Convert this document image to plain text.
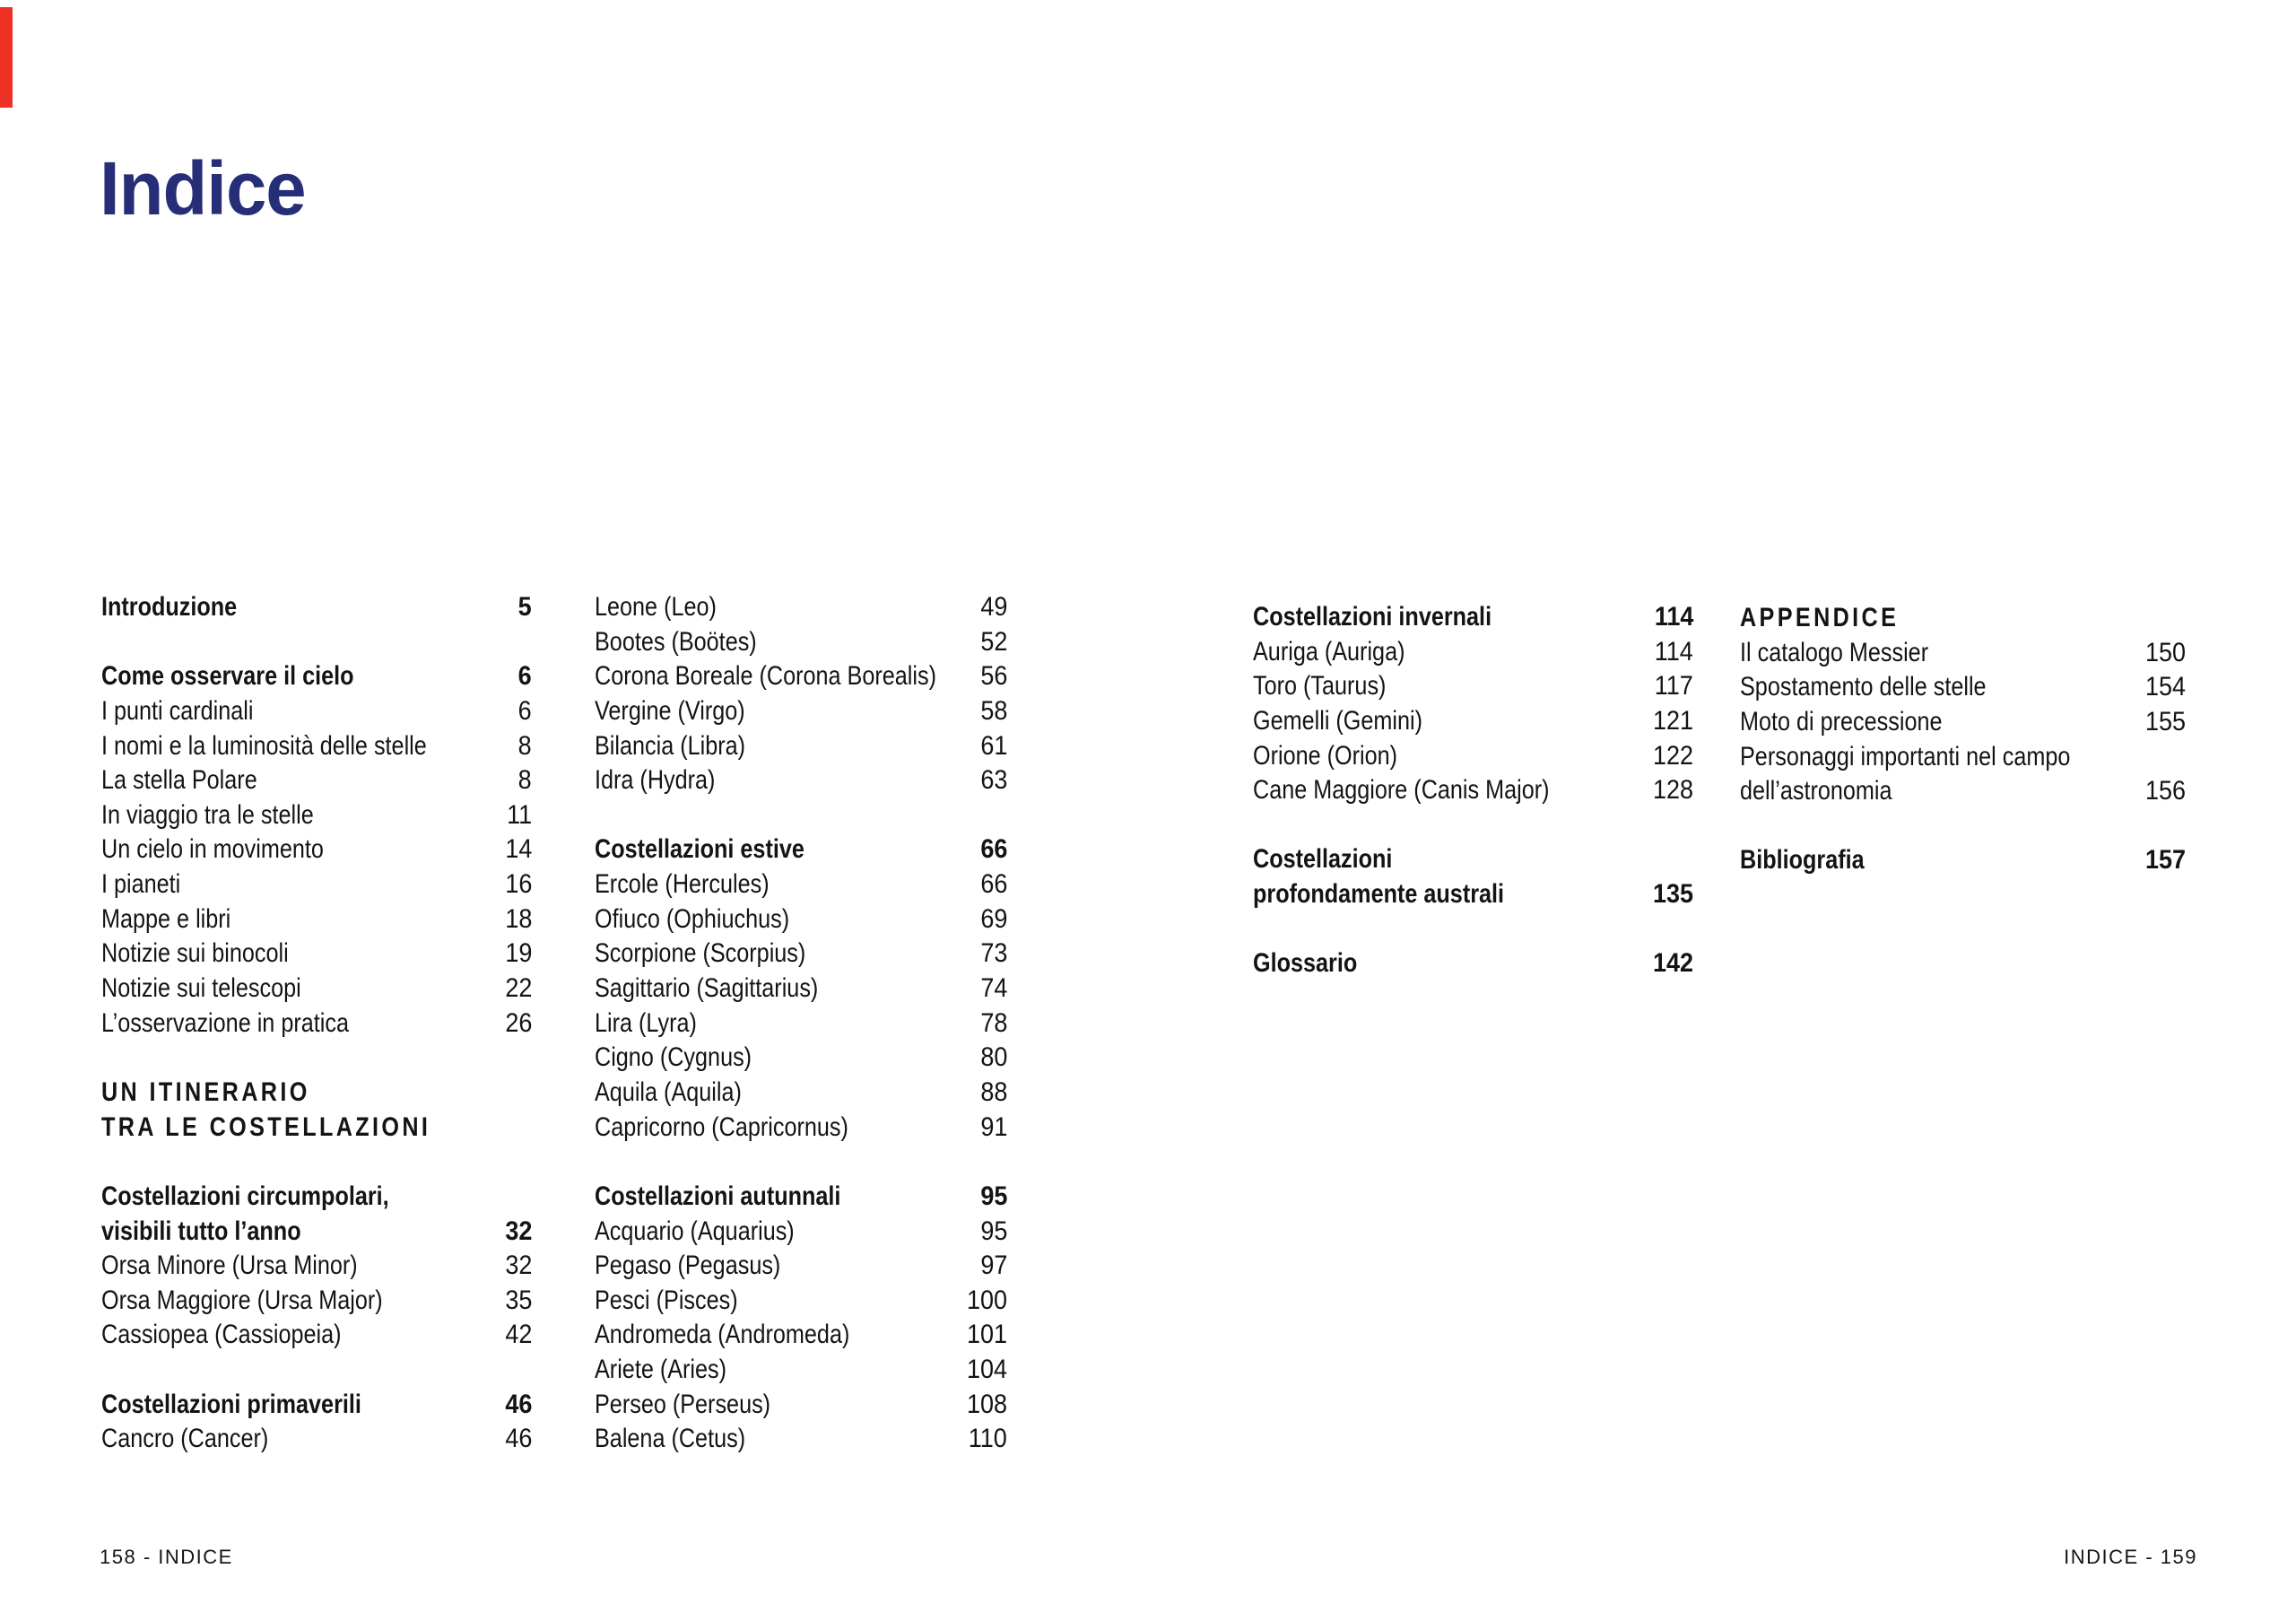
Indice
Introduzione	5
Come osservare il cielo	6
I punti cardinali	6
I nomi e la luminosità delle stelle	8
La stella Polare	8
In viaggio tra le stelle	11
Un cielo in movimento	14
I pianeti	16
Mappe e libri	18
Notizie sui binocoli	19
Notizie sui telescopi	22
L’osservazione in pratica	26
UN ITINERARIO
TRA LE COSTELLAZIONI
Costellazioni circumpolari,
visibili tutto l’anno	32
Orsa Minore (Ursa Minor)	32
Orsa Maggiore (Ursa Major)	35
Cassiopea (Cassiopeia)	42
Costellazioni primaverili	46
Cancro (Cancer)	46
Leone (Leo)	49
Bootes (Boötes)	52
Corona Boreale (Corona Borealis) 56
Vergine (Virgo)	58
Bilancia (Libra)	61
Idra (Hydra)	63
Costellazioni estive	66
Ercole (Hercules)	66
Ofiuco (Ophiuchus)	69
Scorpione (Scorpius)	73
Sagittario (Sagittarius)	74
Lira (Lyra)	78
Cigno (Cygnus)	80
Aquila (Aquila)	88
Capricorno (Capricornus)	91
Costellazioni autunnali	95
Acquario (Aquarius)	95
Pegaso (Pegasus)	97
Pesci (Pisces)	100
Andromeda (Andromeda)	101
Ariete (Aries)	104
Perseo (Perseus)	108
Balena (Cetus)	110
Costellazioni invernali	114
Auriga (Auriga)	114
Toro (Taurus)	117
Gemelli (Gemini)	121
Orione (Orion)	122
Cane Maggiore (Canis Major)	128
Costellazioni
profondamente australi	135
Glossario	142
APPENDICE
Il catalogo Messier	150
Spostamento delle stelle	154
Moto di precessione	155
Personaggi importanti nel campo
dell’astronomia	156
Bibliografia	157
158 - INDICE	INDICE - 159
